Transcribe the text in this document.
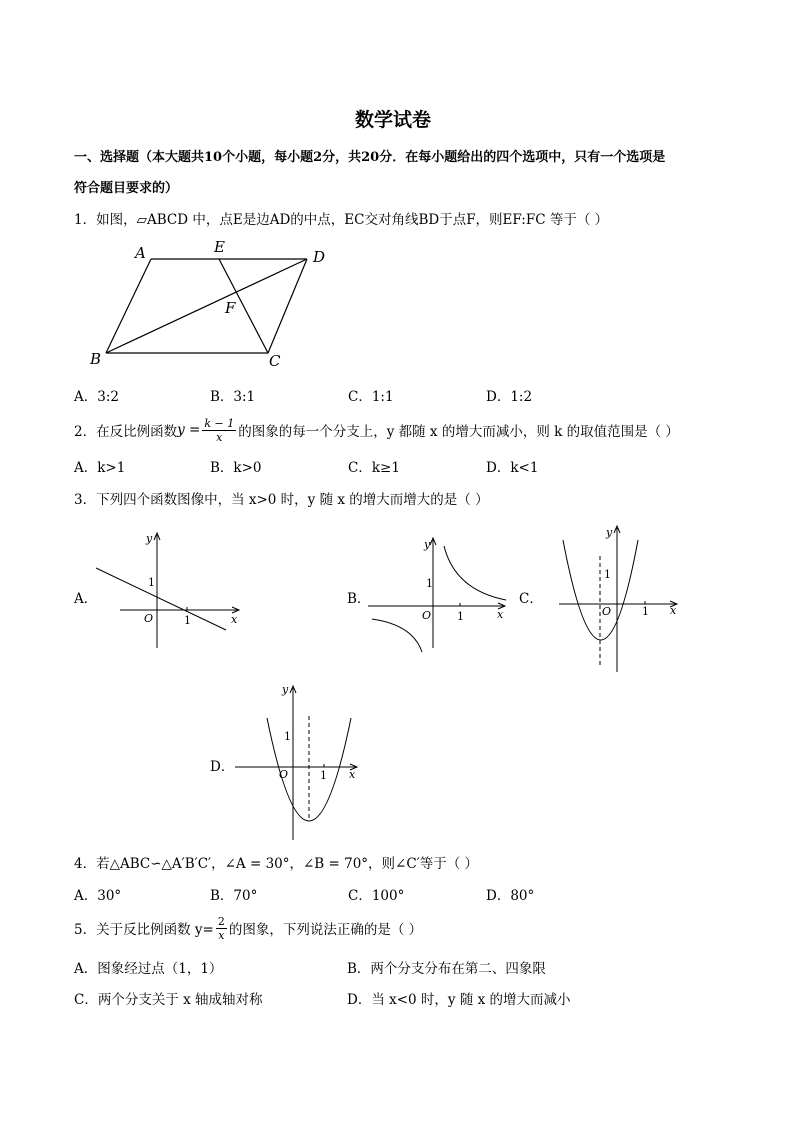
数学试卷
一、选择题（本大题共10个小题，每小题2分，共20分．在每小题给出的四个选项中，只有一个选项是
符合题目要求的）
1．如图，▱ABCD 中，点E是边AD的中点，EC交对角线BD于点F，则EF:FC 等于（ ）
A	E
D
F
B	C
A．3:2	B．3:1	C．1:1	D．1:2
2．在反比例函数 $y = \frac{k - 1}{x}$ 的图象的每一个分支上，y 都随 x 的增大而减小，则 k 的取值范围是（ ）
A．k>1	B．k>0	C．k≥1	D．k<1
3．下列四个函数图像中，当 x>0 时，y 随 x 的增大而增大的是（ ）
A．	B．	C．
D．
y
x
O	1
1
y
x
O 1
1
y
x
O	1
1
y
x
O	1
1
4．若△ABC∽△A′B′C′，∠A = 30°，∠B = 70°，则∠C′等于（ ）
A．30°	B．70°	C．100°	D．80°
5．关于反比例函数 $y= \frac{2}{x}$ 的图象，下列说法正确的是（ ）
A．图象经过点（1，1）	B．两个分支分布在第二、四象限
C．两个分支关于 x 轴成轴对称	D．当 x<0 时，y 随 x 的增大而减小
